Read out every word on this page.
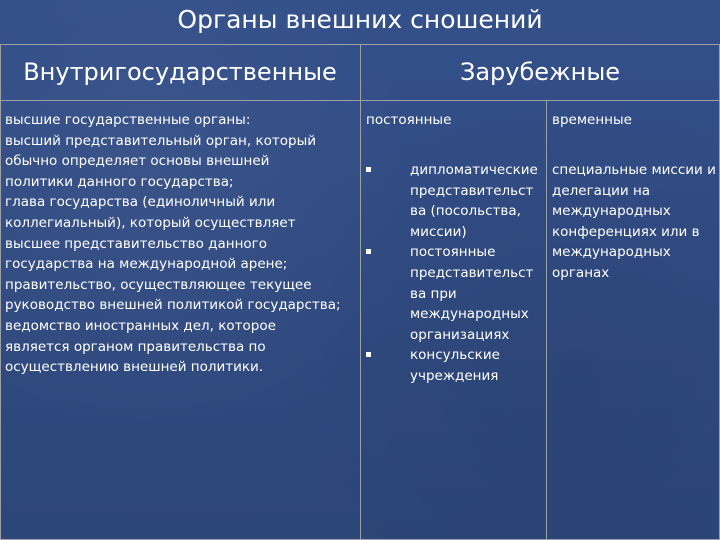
Органы внешних сношений
Внутригосударственные	Зарубежные
высшие государственные органы:
высший представительный орган, который
обычно определяет основы внешней
политики данного государства;
глава государства (единоличный или
коллегиальный), который осуществляет
высшее представительство данного
государства на международной арене;
правительство, осуществляющее текущее
руководство внешней политикой государства;
ведомство иностранных дел, которое
является органом правительства по
осуществлению внешней политики.
постоянные	временные
дипломатические представительст ва (посольства, миссии)
постоянные представительст ва при международных организациях
консульские учреждения
специальные миссии и делегации на международных конференциях или в международных органах
